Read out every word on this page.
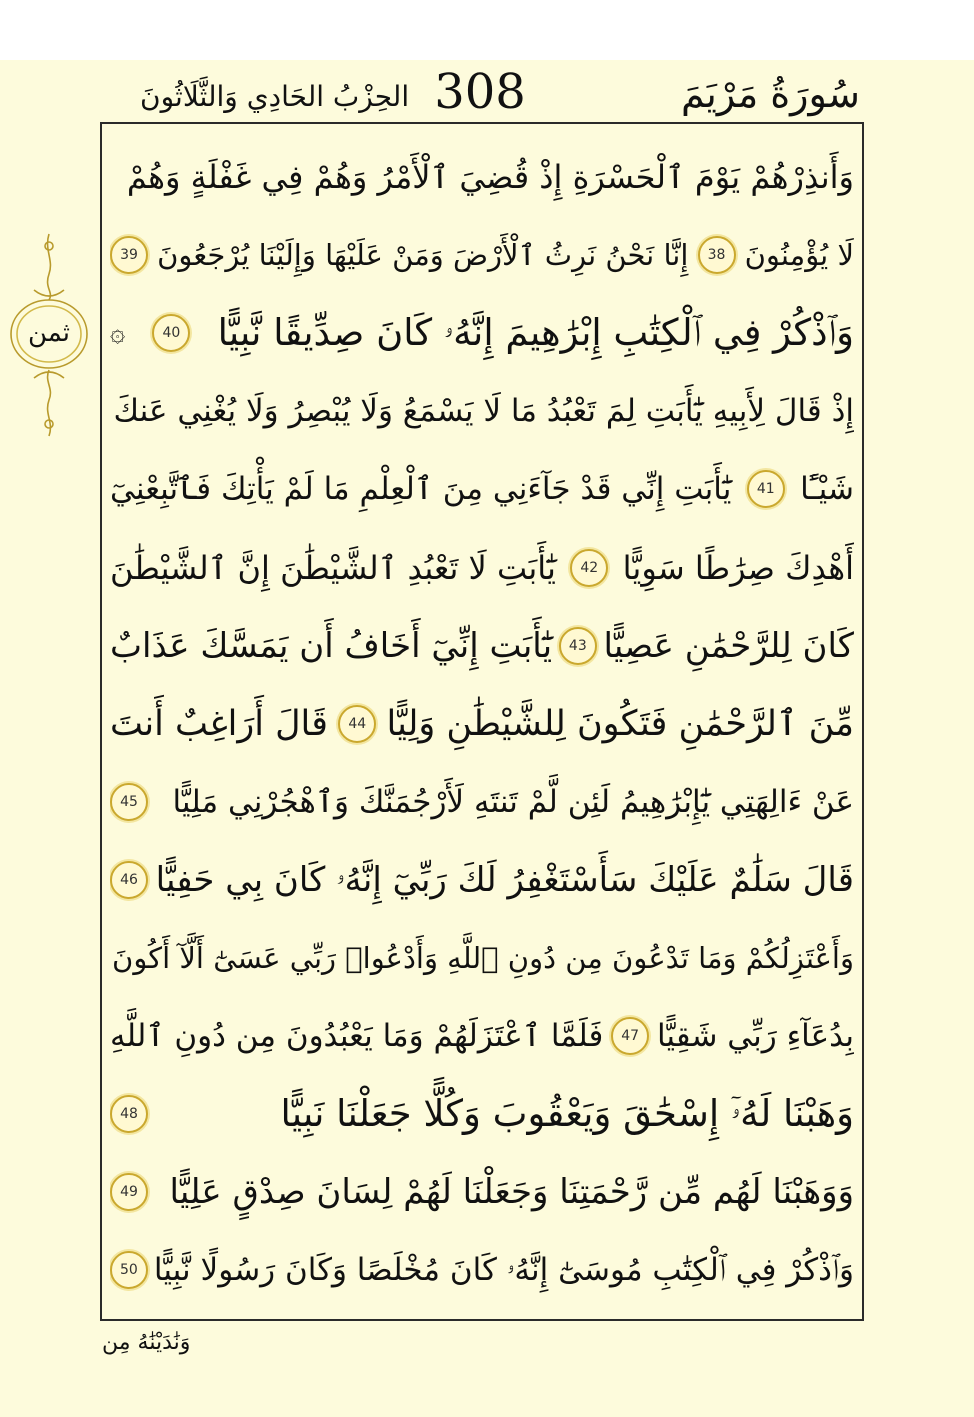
سُورَةُ مَرْيَمَ
308
الحِزْبُ الحَادِي وَالثَّلَاثُونَ
ثمن
وَأَنذِرْهُمْ يَوْمَ ٱلْحَسْرَةِ إِذْ قُضِيَ ٱلْأَمْرُ وَهُمْ فِي غَفْلَةٍ وَهُمْ
لَا يُؤْمِنُونَ
38
إِنَّا نَحْنُ نَرِثُ ٱلْأَرْضَ وَمَنْ عَلَيْهَا وَإِلَيْنَا يُرْجَعُونَ
39
وَٱذْكُرْ فِي ٱلْكِتَٰبِ إِبْرَٰهِيمَ إِنَّهُۥ كَانَ صِدِّيقًا نَّبِيًّا
40
۞
إِذْ قَالَ لِأَبِيهِ يَٰٓأَبَتِ لِمَ تَعْبُدُ مَا لَا يَسْمَعُ وَلَا يُبْصِرُ وَلَا يُغْنِي عَنكَ
شَيْـًٔا
41
يَٰٓأَبَتِ إِنِّي قَدْ جَآءَنِي مِنَ ٱلْعِلْمِ مَا لَمْ يَأْتِكَ فَٱتَّبِعْنِيٓ
أَهْدِكَ صِرَٰطًا سَوِيًّا
42
يَٰٓأَبَتِ لَا تَعْبُدِ ٱلشَّيْطَٰنَ إِنَّ ٱلشَّيْطَٰنَ
كَانَ لِلرَّحْمَٰنِ عَصِيًّا
43
يَٰٓأَبَتِ إِنِّيٓ أَخَافُ أَن يَمَسَّكَ عَذَابٌ
مِّنَ ٱلرَّحْمَٰنِ فَتَكُونَ لِلشَّيْطَٰنِ وَلِيًّا
44
قَالَ أَرَاغِبٌ أَنتَ
عَنْ ءَالِهَتِي يَٰٓإِبْرَٰهِيمُ لَئِن لَّمْ تَنتَهِ لَأَرْجُمَنَّكَ وَٱهْجُرْنِي مَلِيًّا
45
قَالَ سَلَٰمٌ عَلَيْكَ سَأَسْتَغْفِرُ لَكَ رَبِّيٓ إِنَّهُۥ كَانَ بِي حَفِيًّا
46
وَأَعْتَزِلُكُمْ وَمَا تَدْعُونَ مِن دُونِ ٱللَّهِ وَأَدْعُوا۟ رَبِّي عَسَىٰٓ أَلَّآ أَكُونَ
بِدُعَآءِ رَبِّي شَقِيًّا
47
فَلَمَّا ٱعْتَزَلَهُمْ وَمَا يَعْبُدُونَ مِن دُونِ ٱللَّهِ
وَهَبْنَا لَهُۥٓ إِسْحَٰقَ وَيَعْقُوبَ وَكُلًّا جَعَلْنَا نَبِيًّا
48
وَوَهَبْنَا لَهُم مِّن رَّحْمَتِنَا وَجَعَلْنَا لَهُمْ لِسَانَ صِدْقٍ عَلِيًّا
49
وَٱذْكُرْ فِي ٱلْكِتَٰبِ مُوسَىٰٓ إِنَّهُۥ كَانَ مُخْلَصًا وَكَانَ رَسُولًا نَّبِيًّا
50
وَنَٰدَيْنَٰهُ مِن
